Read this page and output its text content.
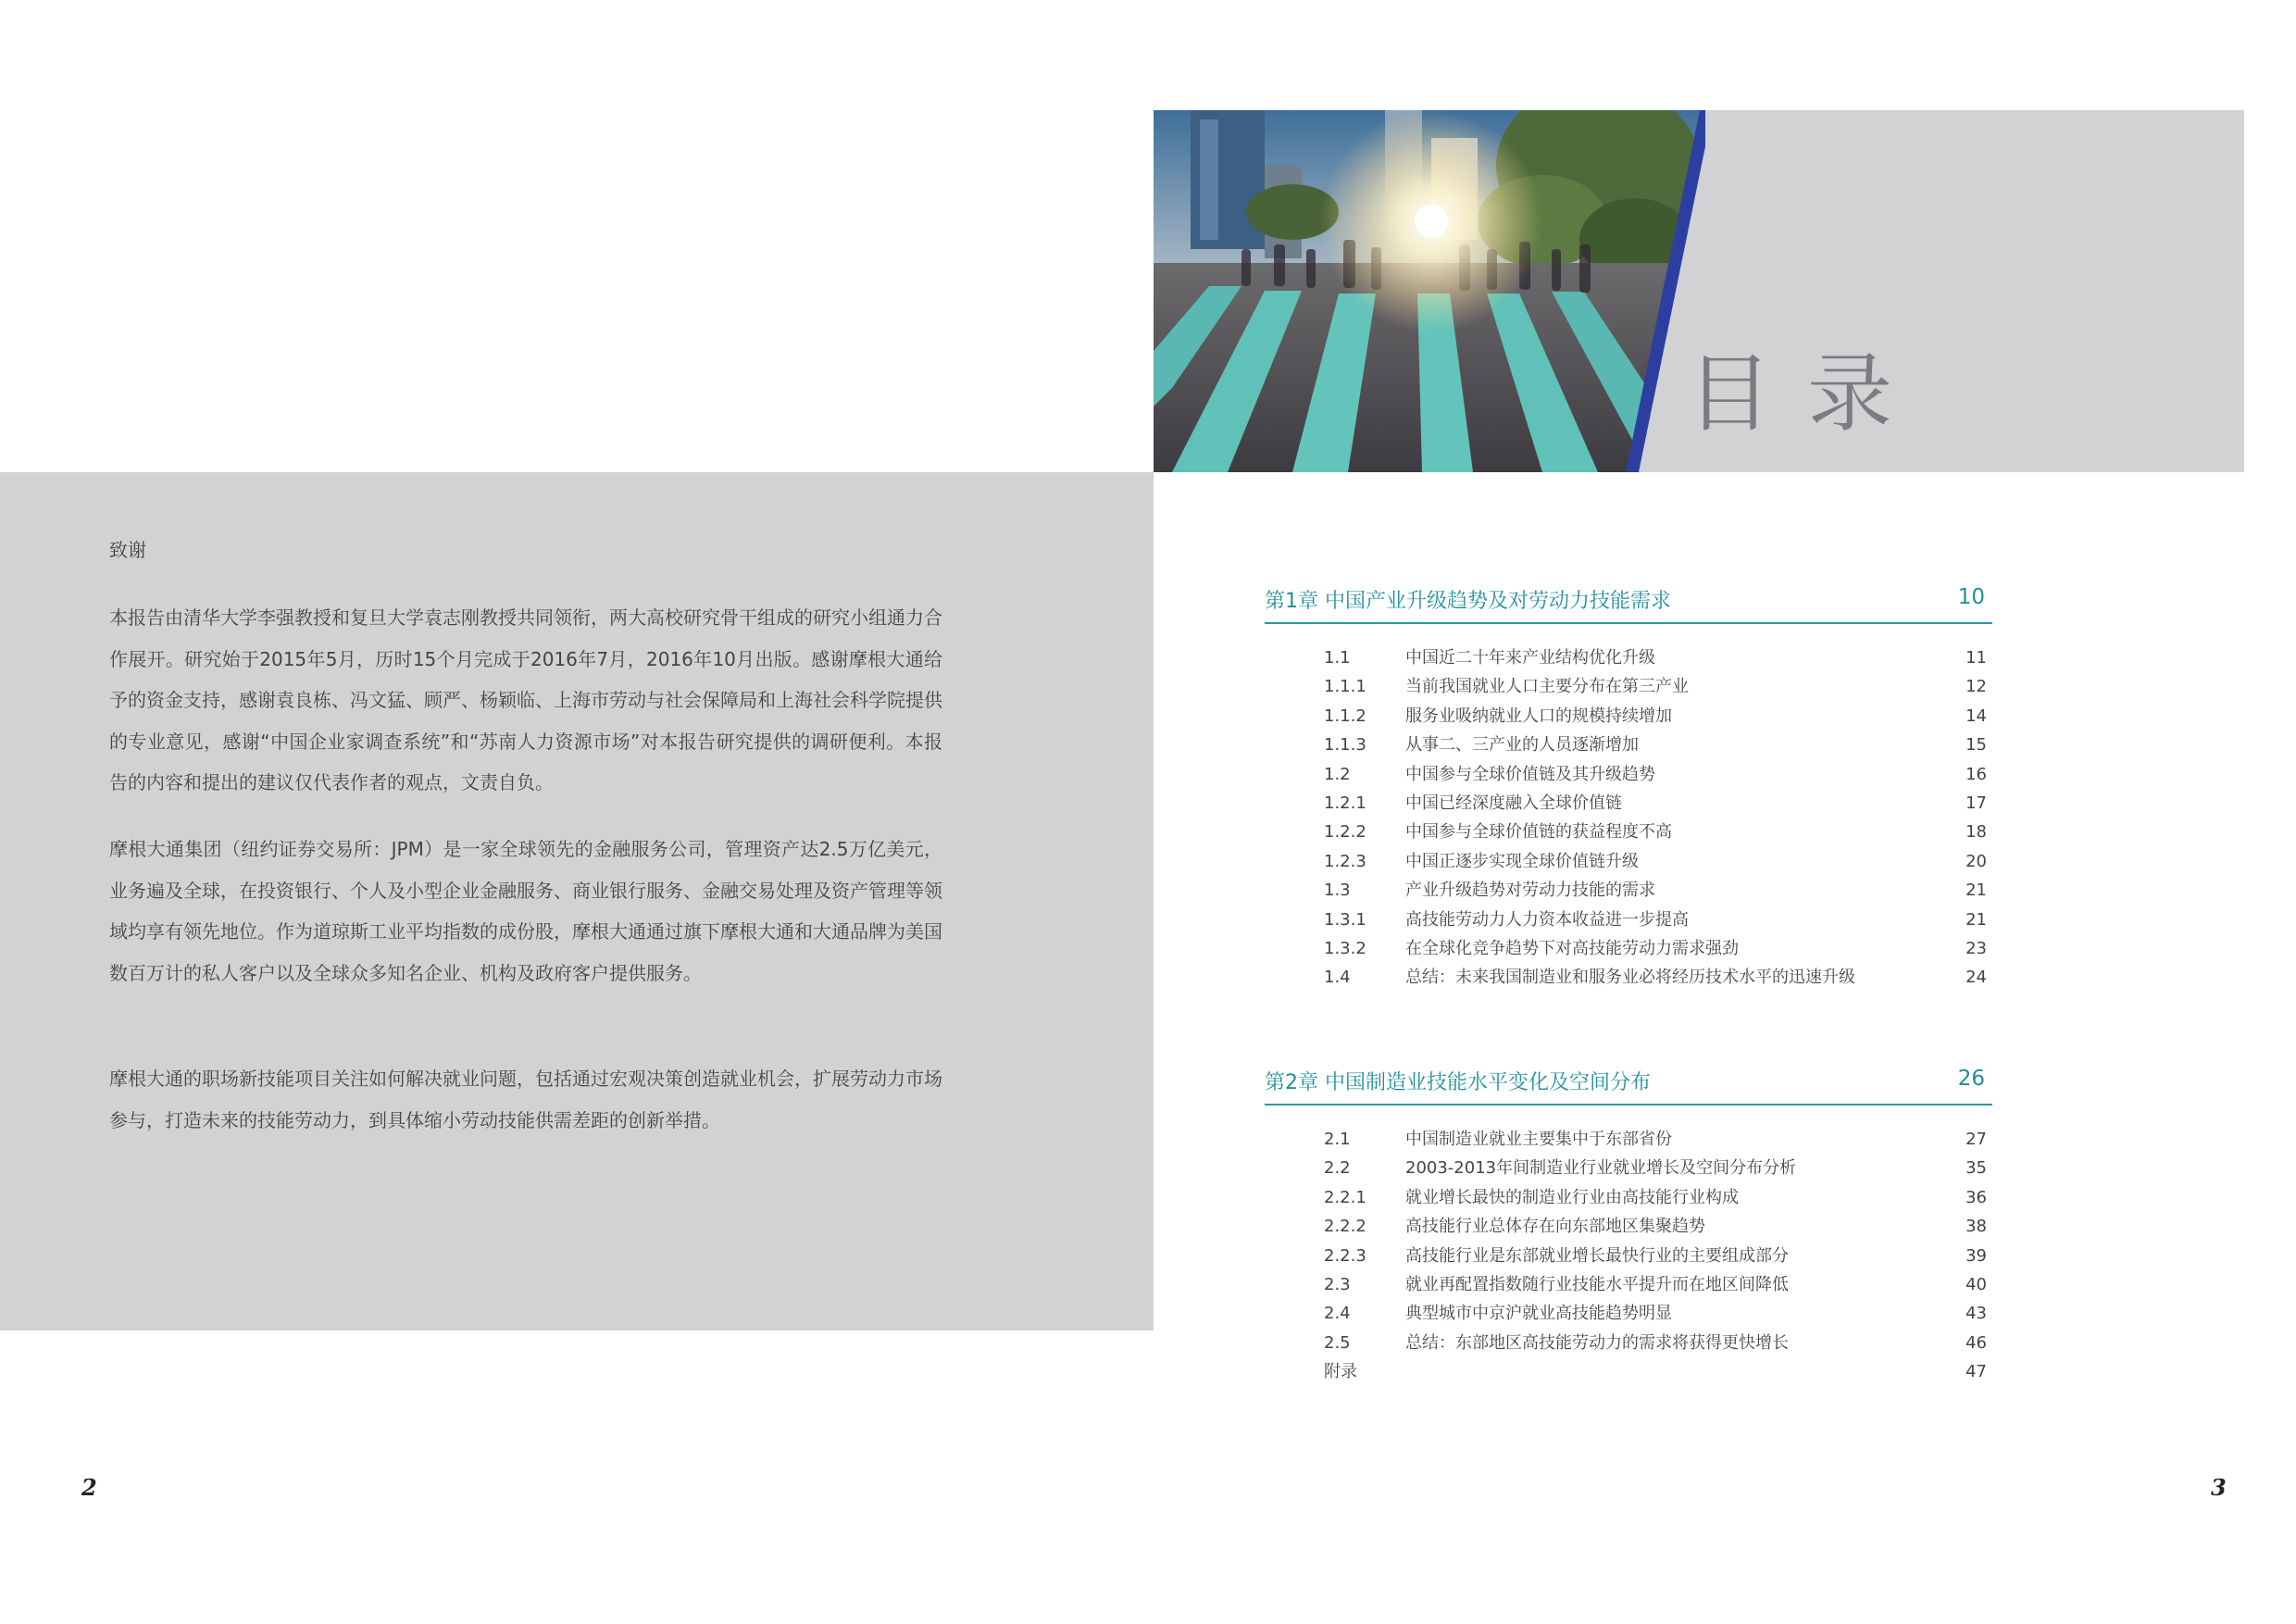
致谢

本报告由清华大学李强教授和复旦大学袁志刚教授共同领衔，两大高校研究骨干组成的研究小组通力合作展开。研究始于2015年5月，历时15个月完成于2016年7月，2016年10月出版。感谢摩根大通给予的资金支持，感谢袁良栋、冯文猛、顾严、杨颖临、上海市劳动与社会保障局和上海社会科学院提供的专业意见，感谢“中国企业家调查系统”和“苏南人力资源市场”对本报告研究提供的调研便利。本报告的内容和提出的建议仅代表作者的观点，文责自负。

摩根大通集团（纽约证券交易所：JPM）是一家全球领先的金融服务公司，管理资产达2.5万亿美元，业务遍及全球，在投资银行、个人及小型企业金融服务、商业银行服务、金融交易处理及资产管理等领域均享有领先地位。作为道琼斯工业平均指数的成份股，摩根大通通过旗下摩根大通和大通品牌为美国数百万计的私人客户以及全球众多知名企业、机构及政府客户提供服务。

摩根大通的职场新技能项目关注如何解决就业问题，包括通过宏观决策创造就业机会，扩展劳动力市场参与，打造未来的技能劳动力，到具体缩小劳动技能供需差距的创新举措。

2
目录
第1章 中国产业升级趋势及对劳动力技能需求	10
1.1	中国近二十年来产业结构优化升级	11
1.1.1 当前我国就业人口主要分布在第三产业	12
1.1.2 服务业吸纳就业人口的规模持续增加	14
1.1.3 从事二、三产业的人员逐渐增加	15
1.2	中国参与全球价值链及其升级趋势	16
1.2.1 中国已经深度融入全球价值链	17
1.2.2 中国参与全球价值链的获益程度不高	18
1.2.3 中国正逐步实现全球价值链升级	20
1.3	产业升级趋势对劳动力技能的需求	21
1.3.1 高技能劳动力人力资本收益进一步提高	21
1.3.2 在全球化竞争趋势下对高技能劳动力需求强劲	23
1.4	总结：未来我国制造业和服务业必将经历技术水平的迅速升级	24
第2章 中国制造业技能水平变化及空间分布	26
2.1	中国制造业就业主要集中于东部省份	27
2.2	2003-2013年间制造业行业就业增长及空间分布分析	35
2.2.1 就业增长最快的制造业行业由高技能行业构成	36
2.2.2 高技能行业总体存在向东部地区集聚趋势	38
2.2.3 高技能行业是东部就业增长最快行业的主要组成部分	39
2.3	就业再配置指数随行业技能水平提升而在地区间降低	40
2.4	典型城市中京沪就业高技能趋势明显	43
2.5	总结：东部地区高技能劳动力的需求将获得更快增长	46
附录	47
3
